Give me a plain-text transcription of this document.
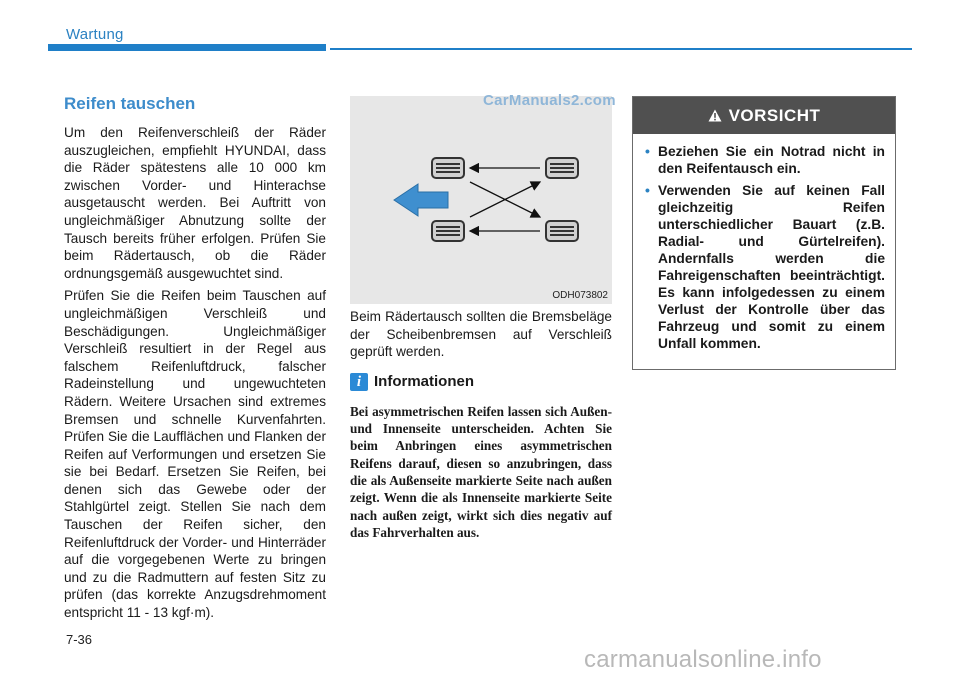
Wartung
Reifen tauschen

Um den Reifenverschleiß der Räder auszugleichen, empfiehlt HYUNDAI, dass die Räder spätestens alle 10 000 km zwischen Vorder- und Hinterachse ausgetauscht werden. Bei Auftritt von ungleichmäßiger Abnutzung sollte der Tausch bereits früher erfolgen. Prüfen Sie beim Rädertausch, ob die Räder ordnungsgemäß ausgewuchtet sind.

Prüfen Sie die Reifen beim Tauschen auf ungleichmäßigen Verschleiß und Beschädigungen. Ungleichmäßiger Verschleiß resultiert in der Regel aus falschem Reifenluftdruck, falscher Radeinstellung und ungewuchteten Rädern. Weitere Ursachen sind extremes Bremsen und schnelle Kurvenfahrten. Prüfen Sie die Laufflächen und Flanken der Reifen auf Verformungen und ersetzen Sie sie bei Bedarf. Ersetzen Sie Reifen, bei denen sich das Gewebe oder der Stahlgürtel zeigt. Stellen Sie nach dem Tauschen der Reifen sicher, den Reifenluftdruck der Vorder- und Hinterräder auf die vorgegebenen Werte zu bringen und zu die Radmuttern auf festen Sitz zu prüfen (das korrekte Anzugsdrehmoment entspricht 11 - 13 kgf·m).

ODH073802
CarManuals2.com

Beim Rädertausch sollten die Bremsbeläge der Scheibenbremsen auf Verschleiß geprüft werden.

i Informationen

Bei asymmetrischen Reifen lassen sich Außen- und Innenseite unterscheiden. Achten Sie beim Anbringen eines asymmetrischen Reifens darauf, diesen so anzubringen, dass die als Außenseite markierte Seite nach außen zeigt. Wenn die als Innenseite markierte Seite nach außen zeigt, wirkt sich dies negativ auf das Fahrverhalten aus.

VORSICHT
• Beziehen Sie ein Notrad nicht in den Reifentausch ein.
• Verwenden Sie auf keinen Fall gleichzeitig Reifen unterschiedlicher Bauart (z.B. Radial- und Gürtelreifen). Andernfalls werden die Fahreigenschaften beeinträchtigt. Es kann infolgedessen zu einem Verlust der Kontrolle über das Fahrzeug und somit zu einem Unfall kommen.
7-36
carmanualsonline.info
